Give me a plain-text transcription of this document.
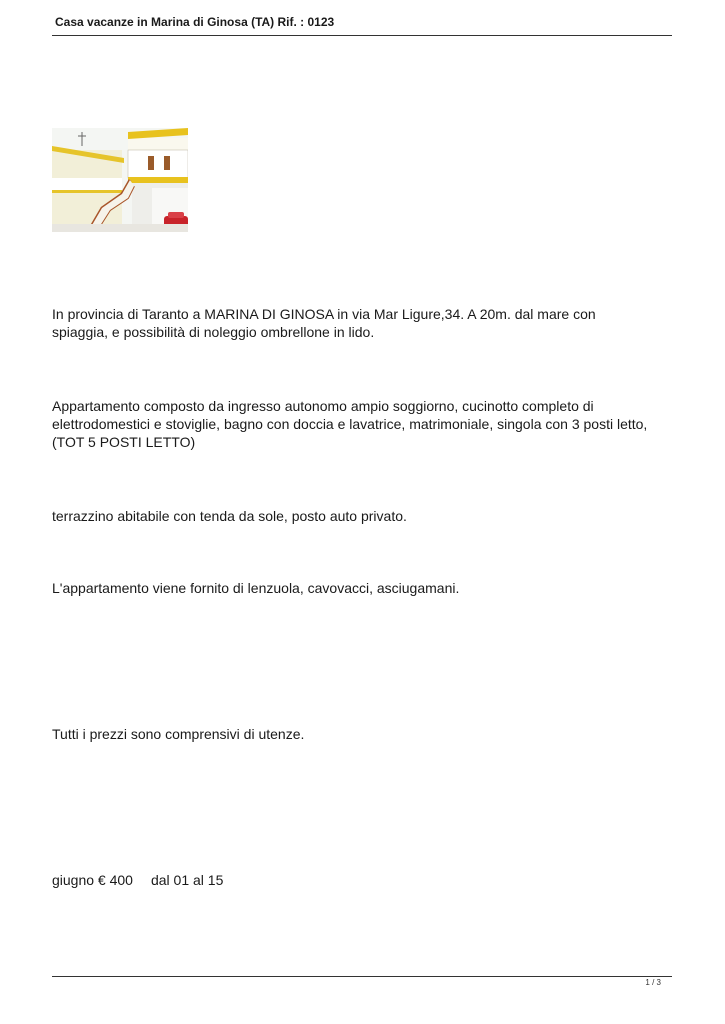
Casa vacanze in Marina di Ginosa (TA) Rif. : 0123

In provincia di Taranto a MARINA DI GINOSA in via Mar Ligure,34. A 20m. dal mare con spiaggia, e possibilità di noleggio ombrellone in lido.

Appartamento composto da ingresso autonomo ampio soggiorno, cucinotto completo di elettrodomestici e stoviglie, bagno con doccia e lavatrice, matrimoniale, singola con 3 posti letto,(TOT 5 POSTI LETTO)

terrazzino abitabile con tenda da sole, posto auto privato.

L'appartamento viene fornito di lenzuola, cavovacci, asciugamani.

Tutti i prezzi sono comprensivi di utenze.

giugno € 400 dal 01 al 15
1 / 3
